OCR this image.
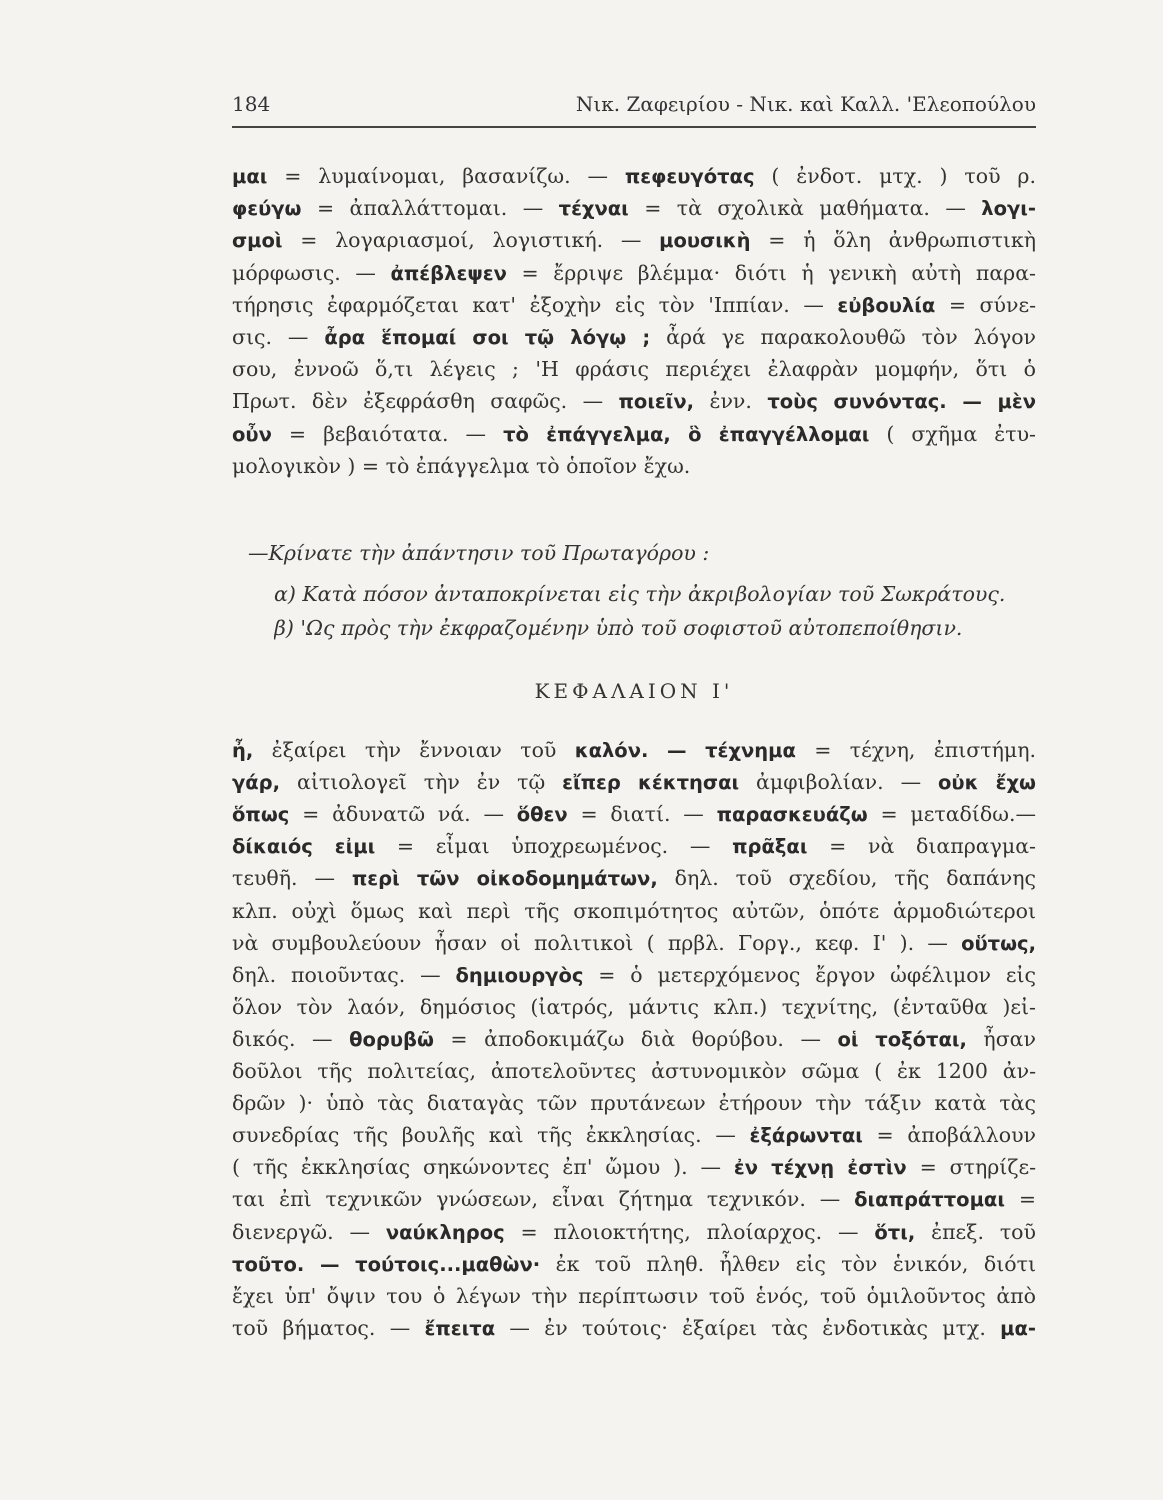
184	Νικ. Ζαφειρίου - Νικ. καὶ Καλλ. 'Ελεοπούλου
μαι = λυμαίνομαι, βασανίζω. — πεφευγότας ( ἐνδοτ. μτχ. ) τοῦ ρ.
φεύγω = ἀπαλλάττομαι. — τέχναι = τὰ σχολικὰ μαθήματα. — λογι-
σμοὶ = λογαριασμοί, λογιστική. — μουσικὴ = ἡ ὅλη ἀνθρωπιστικὴ
μόρφωσις. — ἀπέβλεψεν = ἔρριψε βλέμμα· διότι ἡ γενικὴ αὐτὴ παρα-
τήρησις ἐφαρμόζεται κατ' ἐξοχὴν εἰς τὸν 'Ιππίαν. — εὐβουλία = σύνε-
σις. — ἆρα ἕπομαί σοι τῷ λόγῳ ; ἆρά γε παρακολουθῶ τὸν λόγον
σου, ἐννοῶ ὅ,τι λέγεις ; 'Η φράσις περιέχει ἐλαφρὰν μομφήν, ὅτι ὁ
Πρωτ. δὲν ἐξεφράσθη σαφῶς. — ποιεῖν, ἐνν. τοὺς συνόντας. — μὲν
οὖν = βεβαιότατα. — τὸ ἐπάγγελμα, ὃ ἐπαγγέλλομαι ( σχῆμα ἐτυ-
μολογικὸν ) = τὸ ἐπάγγελμα τὸ ὁποῖον ἔχω.
—Κρίνατε τὴν ἀπάντησιν τοῦ Πρωταγόρου :
α) Κατὰ πόσον ἀνταποκρίνεται εἰς τὴν ἀκριβολογίαν τοῦ Σωκράτους.
β) 'Ως πρὸς τὴν ἐκφραζομένην ὑπὸ τοῦ σοφιστοῦ αὐτοπεποίθησιν.
ΚΕΦΑΛΑΙΟΝ Ι'
ἦ, ἐξαίρει τὴν ἔννοιαν τοῦ καλόν. — τέχνημα = τέχνη, ἐπιστήμη.
γάρ, αἰτιολογεῖ τὴν ἐν τῷ εἴπερ κέκτησαι ἀμφιβολίαν. — οὐκ ἔχω
ὅπως = ἀδυνατῶ νά. — ὅθεν = διατί. — παρασκευάζω = μεταδίδω.—
δίκαιός εἰμι = εἶμαι ὑποχρεωμένος. — πρᾶξαι = νὰ διαπραγμα-
τευθῆ. — περὶ τῶν οἰκοδομημάτων, δηλ. τοῦ σχεδίου, τῆς δαπάνης
κλπ. οὐχὶ ὅμως καὶ περὶ τῆς σκοπιμότητος αὐτῶν, ὁπότε ἁρμοδιώτεροι
νὰ συμβουλεύουν ἦσαν οἱ πολιτικοὶ ( πρβλ. Γοργ., κεφ. Ι' ). — οὕτως,
δηλ. ποιοῦντας. — δημιουργὸς = ὁ μετερχόμενος ἔργον ὠφέλιμον εἰς
ὅλον τὸν λαόν, δημόσιος (ἰατρός, μάντις κλπ.) τεχνίτης, (ἐνταῦθα )εἰ-
δικός. — θορυβῶ = ἀποδοκιμάζω διὰ θορύβου. — οἱ τοξόται, ἦσαν
δοῦλοι τῆς πολιτείας, ἀποτελοῦντες ἀστυνομικὸν σῶμα ( ἐκ 1200 ἀν-
δρῶν )· ὑπὸ τὰς διαταγὰς τῶν πρυτάνεων ἐτήρουν τὴν τάξιν κατὰ τὰς
συνεδρίας τῆς βουλῆς καὶ τῆς ἐκκλησίας. — ἐξάρωνται = ἀποβάλλουν
( τῆς ἐκκλησίας σηκώνοντες ἐπ' ὤμου ). — ἐν τέχνῃ ἐστὶν = στηρίζε-
ται ἐπὶ τεχνικῶν γνώσεων, εἶναι ζήτημα τεχνικόν. — διαπράττομαι =
διενεργῶ. — ναύκληρος = πλοιοκτήτης, πλοίαρχος. — ὅτι, ἐπεξ. τοῦ
τοῦτο. — τούτοις...μαθὼν· ἐκ τοῦ πληθ. ἦλθεν εἰς τὸν ἑνικόν, διότι
ἔχει ὑπ' ὄψιν του ὁ λέγων τὴν περίπτωσιν τοῦ ἑνός, τοῦ ὁμιλοῦντος ἀπὸ
τοῦ βήματος. — ἔπειτα — ἐν τούτοις· ἐξαίρει τὰς ἐνδοτικὰς μτχ. μα-
